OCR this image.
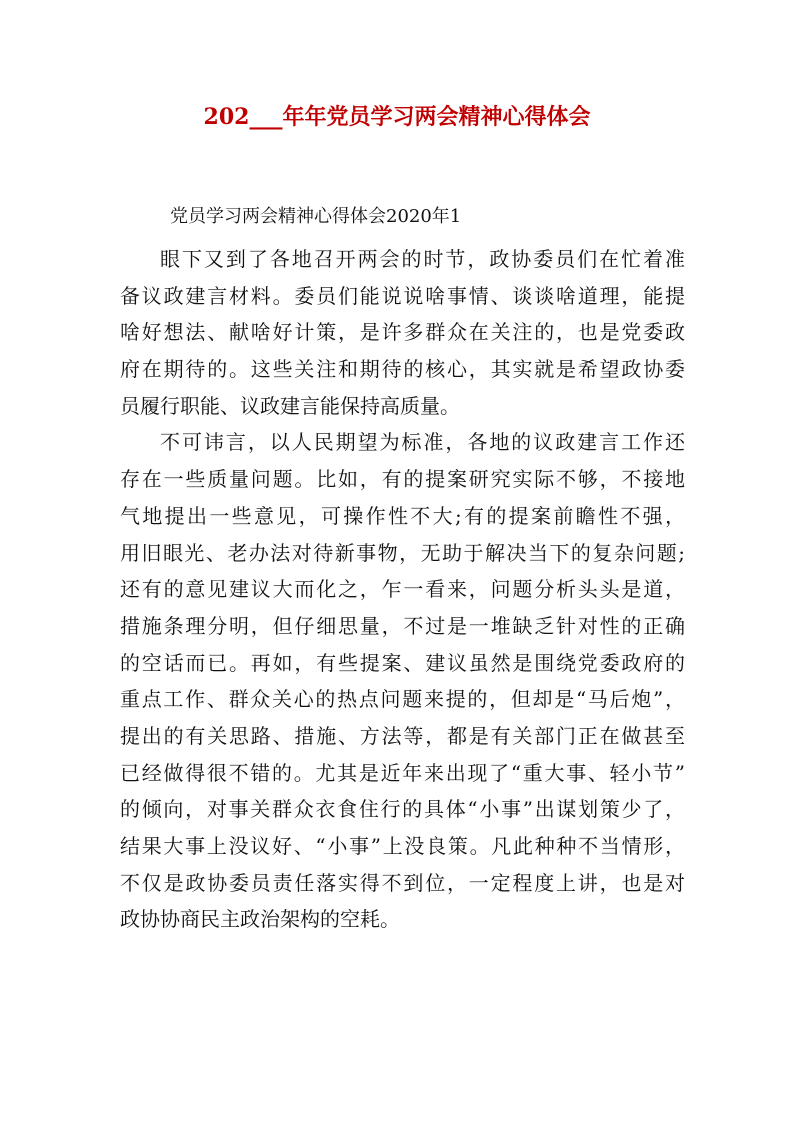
202___年年党员学习两会精神心得体会
党员学习两会精神心得体会2020年1
眼下又到了各地召开两会的时节，政协委员们在忙着准
备议政建言材料。委员们能说说啥事情、谈谈啥道理，能提
啥好想法、献啥好计策，是许多群众在关注的，也是党委政
府在期待的。这些关注和期待的核心，其实就是希望政协委
员履行职能、议政建言能保持高质量。
不可讳言，以人民期望为标准，各地的议政建言工作还
存在一些质量问题。比如，有的提案研究实际不够，不接地
气地提出一些意见，可操作性不大;有的提案前瞻性不强，
用旧眼光、老办法对待新事物，无助于解决当下的复杂问题;
还有的意见建议大而化之，乍一看来，问题分析头头是道，
措施条理分明，但仔细思量，不过是一堆缺乏针对性的正确
的空话而已。再如，有些提案、建议虽然是围绕党委政府的
重点工作、群众关心的热点问题来提的，但却是“马后炮”，
提出的有关思路、措施、方法等，都是有关部门正在做甚至
已经做得很不错的。尤其是近年来出现了“重大事、轻小节”
的倾向，对事关群众衣食住行的具体“小事”出谋划策少了，
结果大事上没议好、“小事”上没良策。凡此种种不当情形，
不仅是政协委员责任落实得不到位，一定程度上讲，也是对
政协协商民主政治架构的空耗。
